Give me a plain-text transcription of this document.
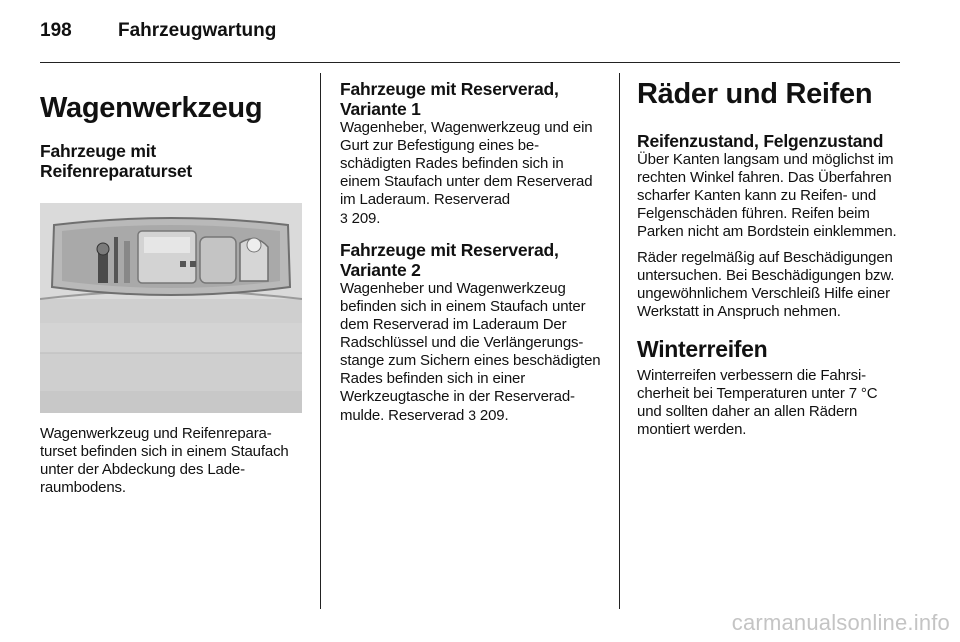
198 Fahrzeugwartung
Wagenwerkzeug
Fahrzeuge mit
Reifenreparaturset

Wagenwerkzeug und Reifenreparaturset befinden sich in einem Staufach unter der Abdeckung des Laderaumbodens.

Fahrzeuge mit Reserverad,
Variante 1

Wagenheber, Wagenwerkzeug und ein Gurt zur Befestigung eines beschädigten Rades befinden sich in einem Staufach unter dem Reserverad im Laderaum. Reserverad
3 209.

Fahrzeuge mit Reserverad,
Variante 2

Wagenheber und Wagenwerkzeug befinden sich in einem Staufach unter dem Reserverad im Laderaum Der Radschlüssel und die Verlängerungsstange zum Sichern eines beschädigten Rades befinden sich in einer Werkzeugtasche in der Reserveradmulde. Reserverad 3 209.

Räder und Reifen
Reifenzustand, Felgenzustand

Über Kanten langsam und möglichst im rechten Winkel fahren. Das Überfahren scharfer Kanten kann zu Reifen- und Felgenschäden führen. Reifen beim Parken nicht am Bordstein einklemmen.

Räder regelmäßig auf Beschädigungen untersuchen. Bei Beschädigungen bzw. ungewöhnlichem Verschleiß Hilfe einer Werkstatt in Anspruch nehmen.

Winterreifen

Winterreifen verbessern die Fahrsicherheit bei Temperaturen unter 7 °C und sollten daher an allen Rädern montiert werden.

carmanualsonline.info
